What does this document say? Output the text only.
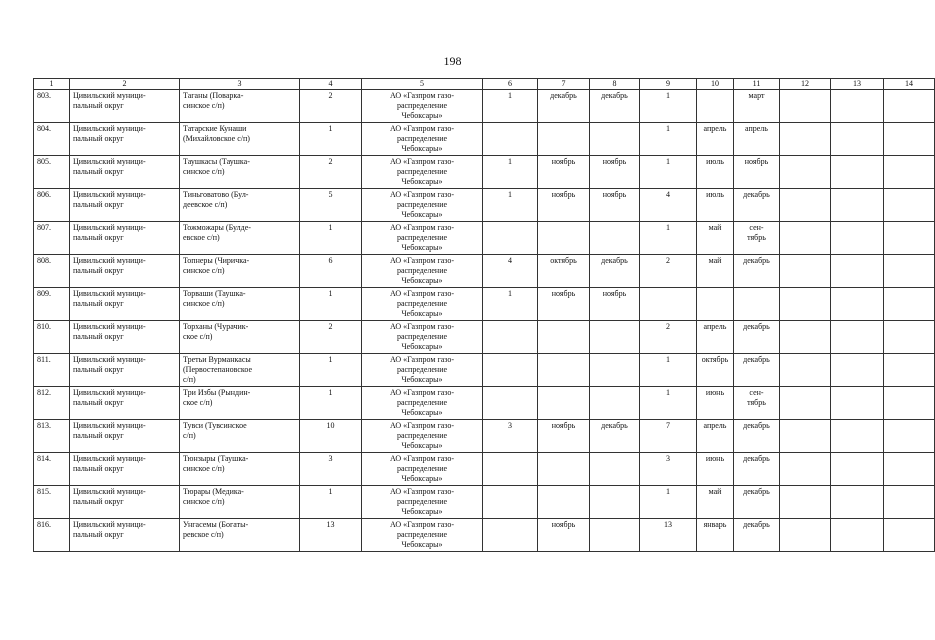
198
1	2	3	4	5	6	7	8	9	10	11	12	13	14
803.	Цивильский муници-
пальный округ	Таганы (Поварка-
синское с/п)	2	АО «Газпром газо-
распределение
Чебоксары»	1	декабрь	декабрь	1		март			
804.	Цивильский муници-
пальный округ	Татарские Кунаши
(Михайловское с/п)	1	АО «Газпром газо-
распределение
Чебоксары»				1	апрель	апрель			
805.	Цивильский муници-
пальный округ	Таушкасы (Таушка-
синское с/п)	2	АО «Газпром газо-
распределение
Чебоксары»	1	ноябрь	ноябрь	1	июль	ноябрь			
806.	Цивильский муници-
пальный округ	Тиньговатово (Бул-
деевское с/п)	5	АО «Газпром газо-
распределение
Чебоксары»	1	ноябрь	ноябрь	4	июль	декабрь			
807.	Цивильский муници-
пальный округ	Тожможары (Булде-
евское с/п)	1	АО «Газпром газо-
распределение
Чебоксары»				1	май	сен-
тябрь			
808.	Цивильский муници-
пальный округ	Топнеры (Чиричка-
синское с/п)	6	АО «Газпром газо-
распределение
Чебоксары»	4	октябрь	декабрь	2	май	декабрь			
809.	Цивильский муници-
пальный округ	Торваши (Таушка-
синское с/п)	1	АО «Газпром газо-
распределение
Чебоксары»	1	ноябрь	ноябрь						
810.	Цивильский муници-
пальный округ	Торханы (Чурачик-
ское с/п)	2	АО «Газпром газо-
распределение
Чебоксары»				2	апрель	декабрь			
811.	Цивильский муници-
пальный округ	Третьи Вурманкасы
(Первостепановское
с/п)	1	АО «Газпром газо-
распределение
Чебоксары»				1	октябрь	декабрь			
812.	Цивильский муници-
пальный округ	Три Избы (Рындин-
ское с/п)	1	АО «Газпром газо-
распределение
Чебоксары»				1	июнь	сен-
тябрь			
813.	Цивильский муници-
пальный округ	Тувси (Тувсинское
с/п)	10	АО «Газпром газо-
распределение
Чебоксары»	3	ноябрь	декабрь	7	апрель	декабрь			
814.	Цивильский муници-
пальный округ	Тюнзыры (Таушка-
синское с/п)	3	АО «Газпром газо-
распределение
Чебоксары»				3	июнь	декабрь			
815.	Цивильский муници-
пальный округ	Тюрары (Медика-
синское с/п)	1	АО «Газпром газо-
распределение
Чебоксары»				1	май	декабрь			
816.	Цивильский муници-
пальный округ	Унгасемы (Богаты-
ревское с/п)	13	АО «Газпром газо-
распределение
Чебоксары»		ноябрь		13	январь	декабрь			
